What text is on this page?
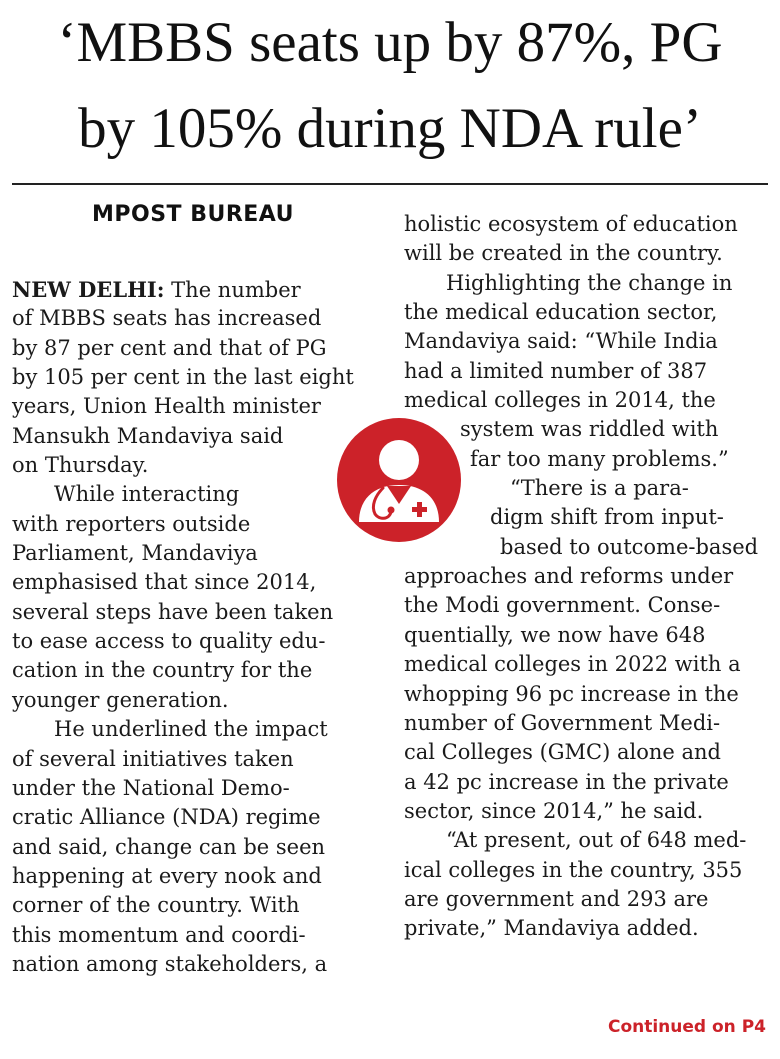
‘MBBS seats up by 87%, PG
by 105% during NDA rule’
MPOST BUREAU
NEW DELHI: The number
of MBBS seats has increased
by 87 per cent and that of PG
by 105 per cent in the last eight
years, Union Health minister
Mansukh Mandaviya said
on Thursday.
While interacting
with reporters outside
Parliament, Mandaviya
emphasised that since 2014,
several steps have been taken
to ease access to quality edu-
cation in the country for the
younger generation.
He underlined the impact
of several initiatives taken
under the National Demo-
cratic Alliance (NDA) regime
and said, change can be seen
happening at every nook and
corner of the country. With
this momentum and coordi-
nation among stakeholders, a
holistic ecosystem of education
will be created in the country.
Highlighting the change in
the medical education sector,
Mandaviya said: “While India
had a limited number of 387
medical colleges in 2014, the
system was riddled with
far too many problems.”
“There is a para-
digm shift from input-
based to outcome-based
approaches and reforms under
the Modi government. Conse-
quentially, we now have 648
medical colleges in 2022 with a
whopping 96 pc increase in the
number of Government Medi-
cal Colleges (GMC) alone and
a 42 pc increase in the private
sector, since 2014,” he said.
“At present, out of 648 med-
ical colleges in the country, 355
are government and 293 are
private,” Mandaviya added.
Continued on P4
